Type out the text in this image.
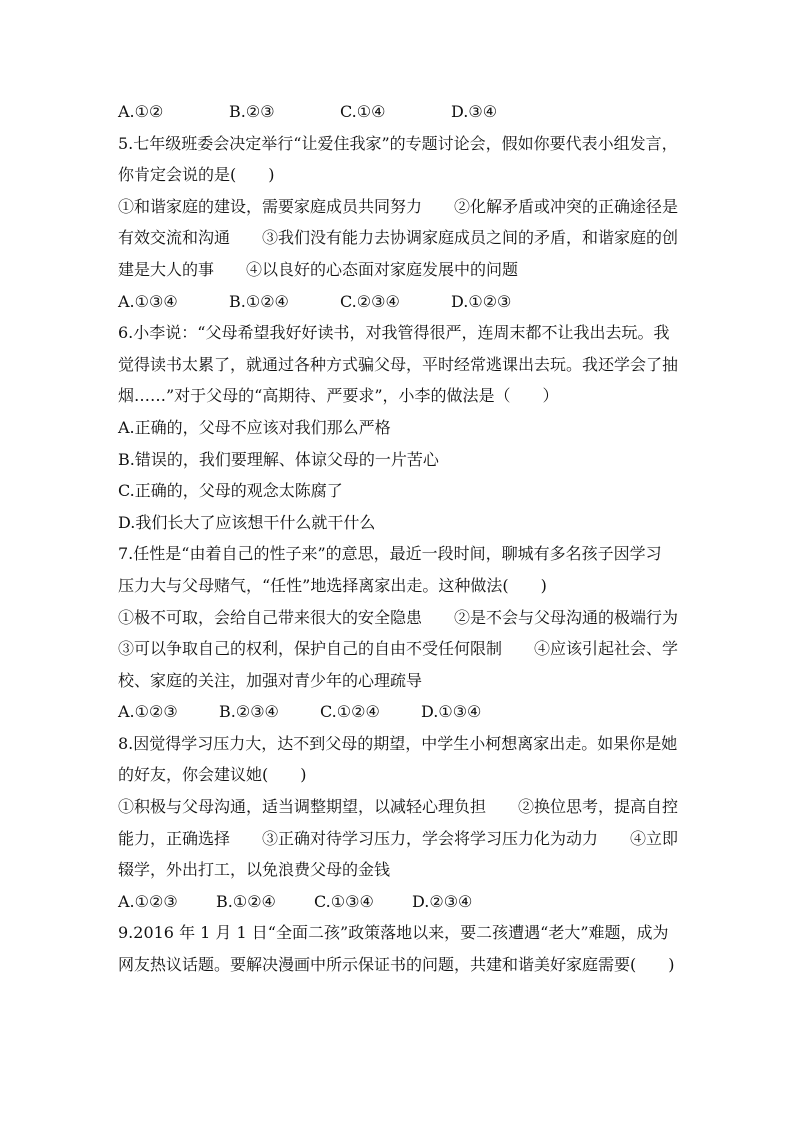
A.①②	B.②③	C.①④	D.③④
5.七年级班委会决定举行“让爱住我家”的专题讨论会，假如你要代表小组发言，
你肯定会说的是(　　)
①和谐家庭的建设，需要家庭成员共同努力　　②化解矛盾或冲突的正确途径是
有效交流和沟通　　③我们没有能力去协调家庭成员之间的矛盾，和谐家庭的创
建是大人的事　　④以良好的心态面对家庭发展中的问题
A.①③④	B.①②④	C.②③④	D.①②③
6.小李说：“父母希望我好好读书，对我管得很严，连周末都不让我出去玩。我
觉得读书太累了，就通过各种方式骗父母，平时经常逃课出去玩。我还学会了抽
烟……”对于父母的“高期待、严要求”，小李的做法是（　　）
A.正确的，父母不应该对我们那么严格
B.错误的，我们要理解、体谅父母的一片苦心
C.正确的，父母的观念太陈腐了
D.我们长大了应该想干什么就干什么
7.任性是“由着自己的性子来”的意思，最近一段时间，聊城有多名孩子因学习
压力大与父母赌气，“任性”地选择离家出走。这种做法(　　)
①极不可取，会给自己带来很大的安全隐患　　②是不会与父母沟通的极端行为
③可以争取自己的权利，保护自己的自由不受任何限制　　④应该引起社会、学
校、家庭的关注，加强对青少年的心理疏导
A.①②③	B.②③④	C.①②④	D.①③④
8.因觉得学习压力大，达不到父母的期望，中学生小柯想离家出走。如果你是她
的好友，你会建议她(　　)
①积极与父母沟通，适当调整期望，以减轻心理负担　　②换位思考，提高自控
能力，正确选择　　③正确对待学习压力，学会将学习压力化为动力　　④立即
辍学，外出打工，以免浪费父母的金钱
A.①②③	B.①②④	C.①③④	D.②③④
9.2016 年 1 月 1 日“全面二孩”政策落地以来，要二孩遭遇“老大”难题，成为
网友热议话题。要解决漫画中所示保证书的问题，共建和谐美好家庭需要(　　)
